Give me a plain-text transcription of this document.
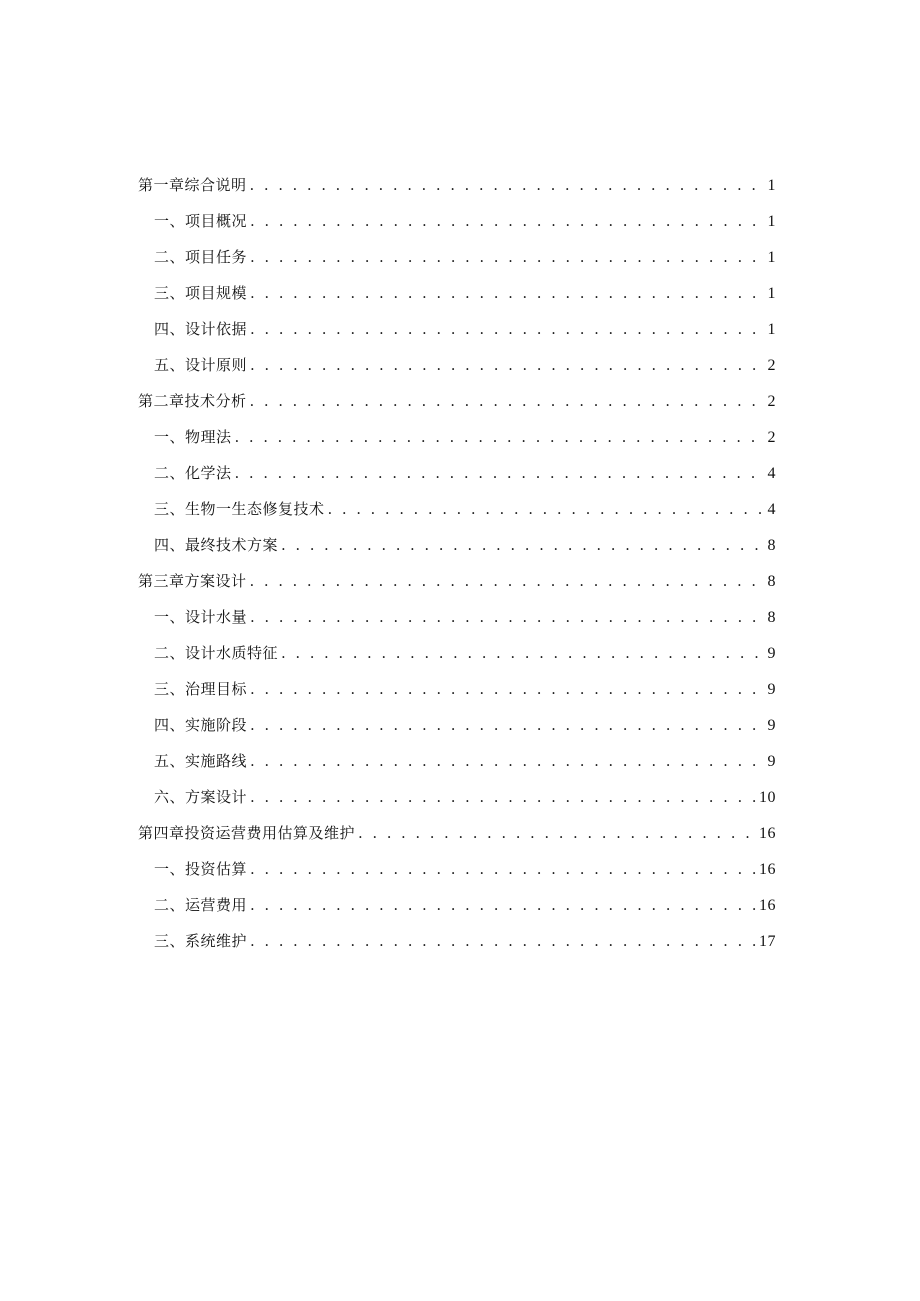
第一章综合说明 . . .	1
一、项目概况 . . .	1
二、项目任务 . . .	1
三、项目规模 . . .	1
四、设计依据 . . .	1
五、设计原则 . . .	2
第二章技术分析 . . .	2
一、物理法 . . .	2
二、化学法 . . .	4
三、生物一生态修复技术 . . .	4
四、最终技术方案 . . .	8
第三章方案设计 . . .	8
一、设计水量 . . .	8
二、设计水质特征 . . .	9
三、治理目标 . . .	9
四、实施阶段 . . .	9
五、实施路线 . . .	9
六、方案设计 . . .	10
第四章投资运营费用估算及维护 . . .	16
一、投资估算 . . .	16
二、运营费用 . . .	16
三、系统维护 . . .	17
